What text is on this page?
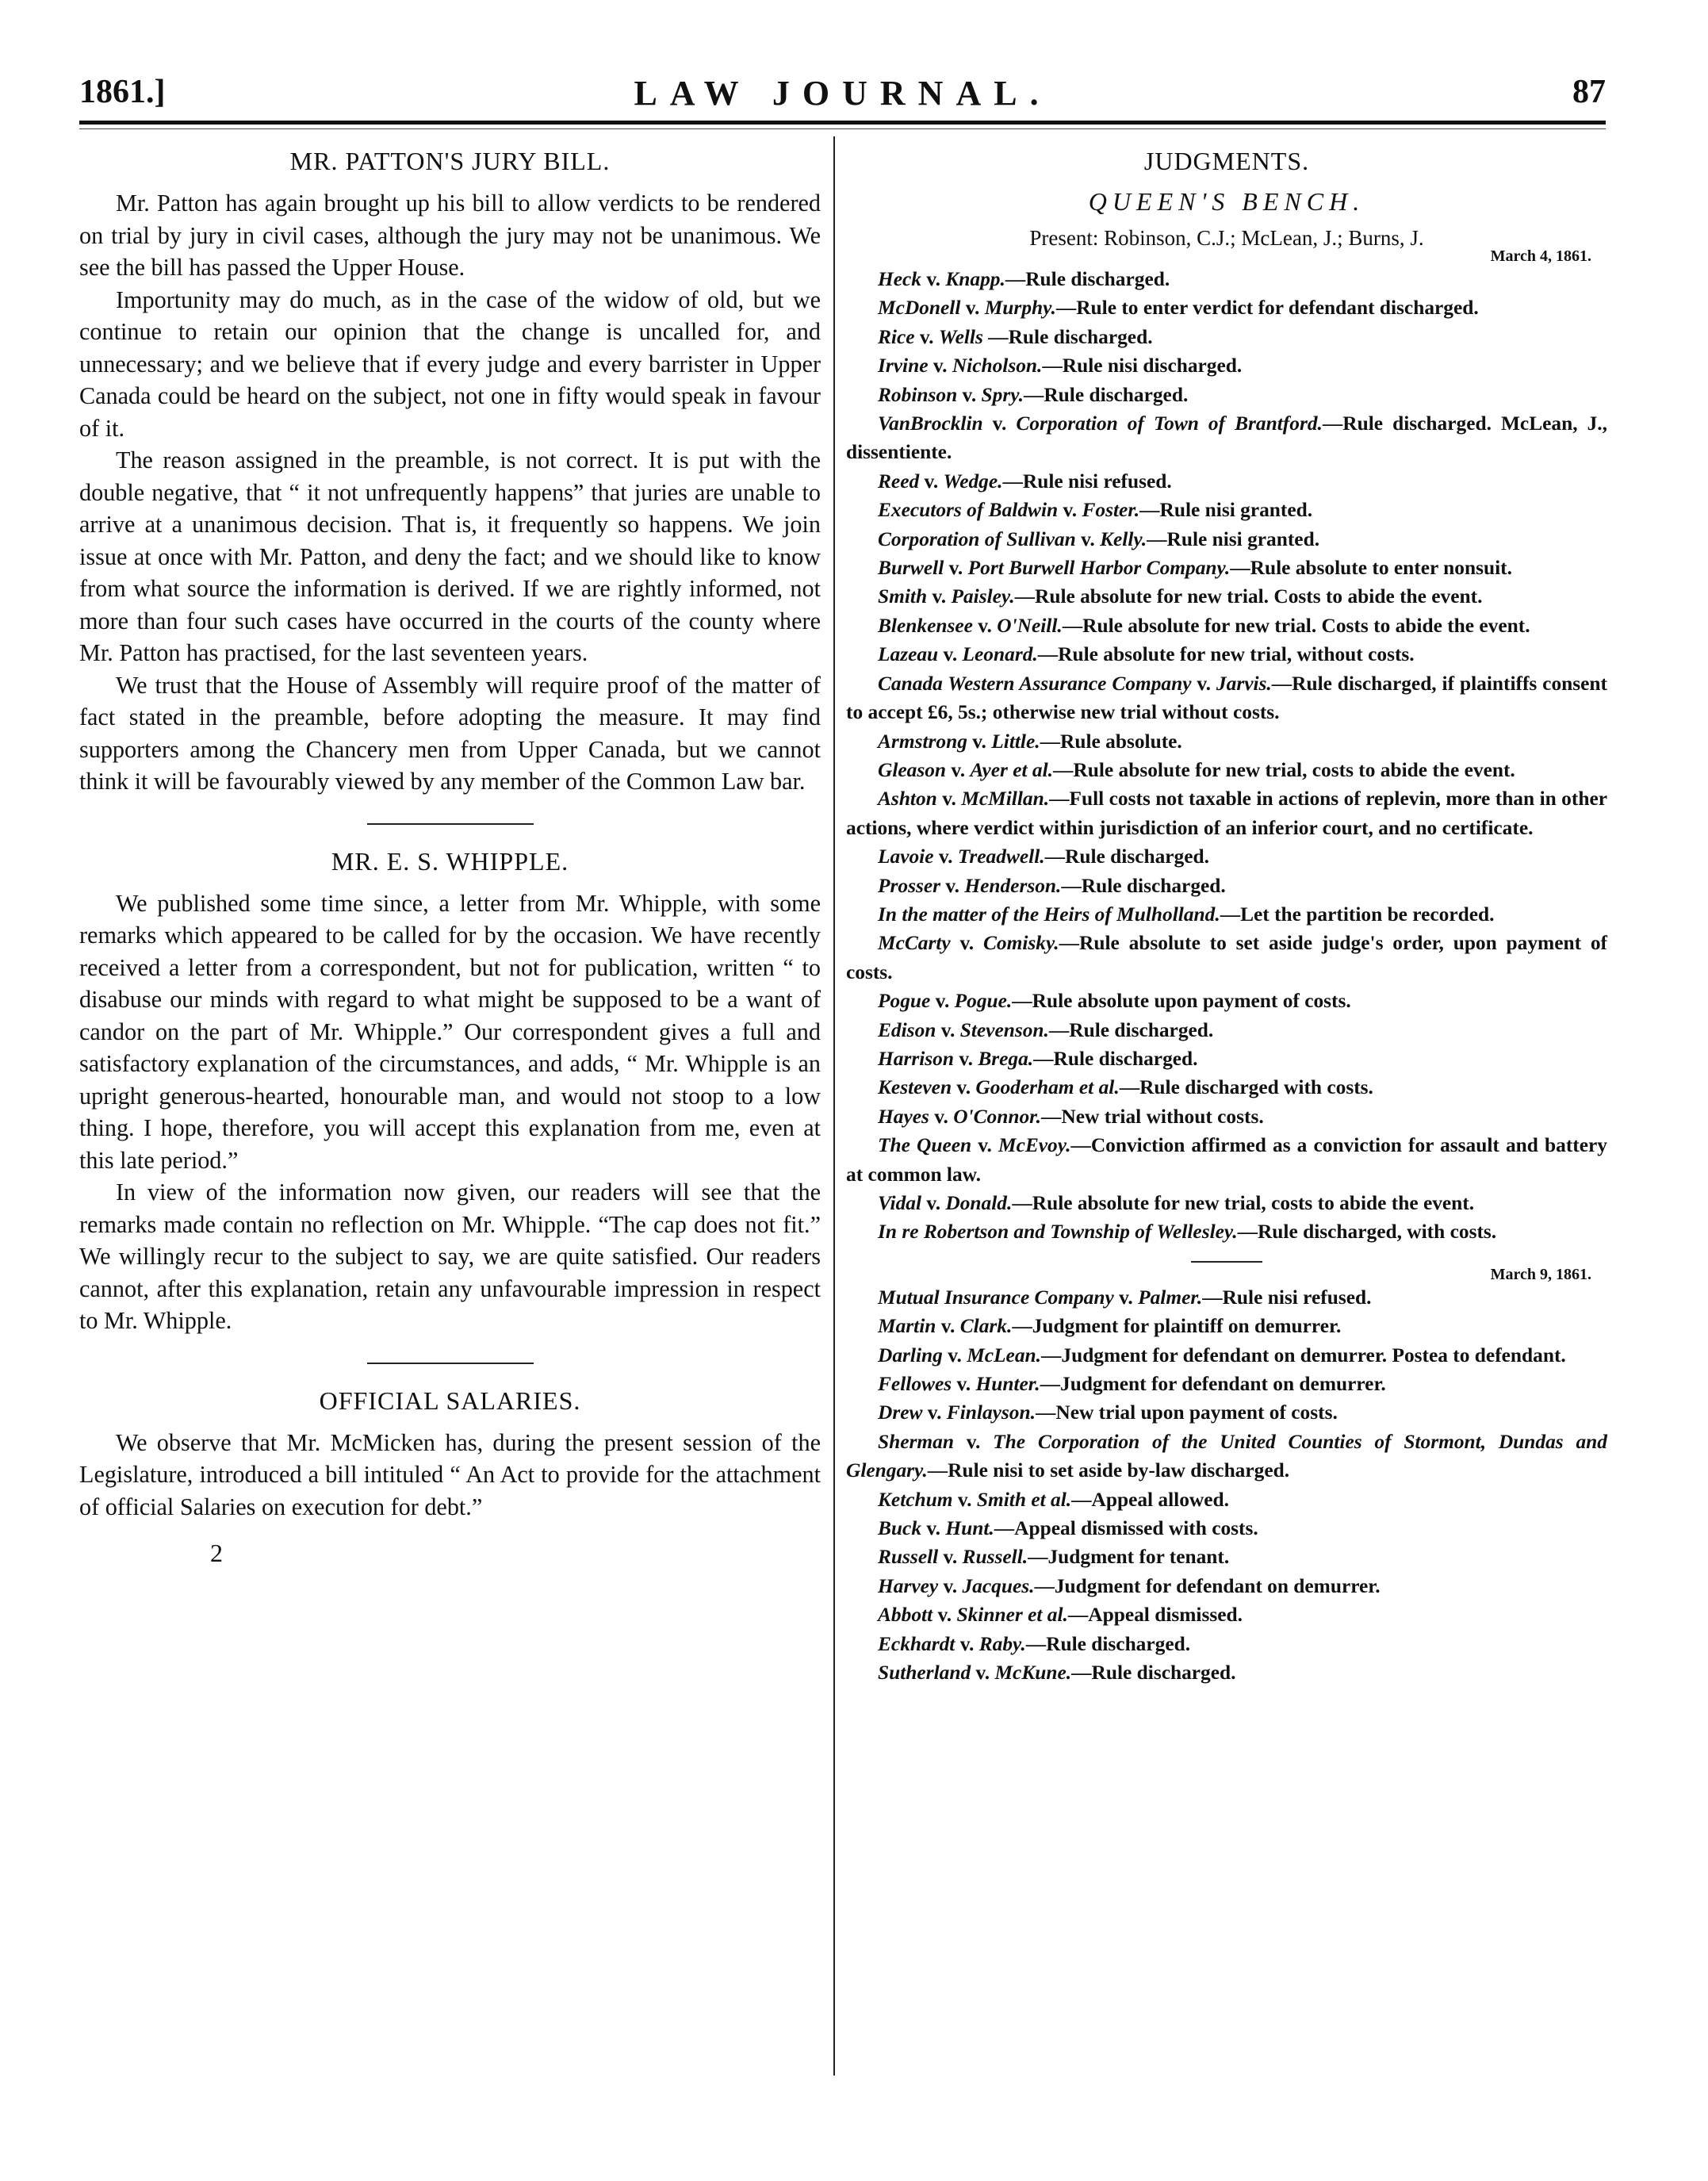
1861.]	LAW JOURNAL.	87
MR. PATTON'S JURY BILL.

Mr. Patton has again brought up his bill to allow verdicts to be rendered on trial by jury in civil cases, although the jury may not be unanimous. We see the bill has passed the Upper House.

Importunity may do much, as in the case of the widow of old, but we continue to retain our opinion that the change is uncalled for, and unnecessary; and we believe that if every judge and every barrister in Upper Canada could be heard on the subject, not one in fifty would speak in favour of it.

The reason assigned in the preamble, is not correct. It is put with the double negative, that “ it not unfrequently happens” that juries are unable to arrive at a unanimous decision. That is, it frequently so happens. We join issue at once with Mr. Patton, and deny the fact; and we should like to know from what source the information is derived. If we are rightly informed, not more than four such cases have occurred in the courts of the county where Mr. Patton has practised, for the last seventeen years.

We trust that the House of Assembly will require proof of the matter of fact stated in the preamble, before adopting the measure. It may find supporters among the Chancery men from Upper Canada, but we cannot think it will be favourably viewed by any member of the Common Law bar.

MR. E. S. WHIPPLE.

We published some time since, a letter from Mr. Whipple, with some remarks which appeared to be called for by the occasion. We have recently received a letter from a correspondent, but not for publication, written “ to disabuse our minds with regard to what might be supposed to be a want of candor on the part of Mr. Whipple.” Our correspondent gives a full and satisfactory explanation of the circumstances, and adds, “ Mr. Whipple is an upright generous-hearted, honourable man, and would not stoop to a low thing. I hope, therefore, you will accept this explanation from me, even at this late period.”

In view of the information now given, our readers will see that the remarks made contain no reflection on Mr. Whipple. “The cap does not fit.” We willingly recur to the subject to say, we are quite satisfied. Our readers cannot, after this explanation, retain any unfavourable impression in respect to Mr. Whipple.

OFFICIAL SALARIES.

We observe that Mr. McMicken has, during the present session of the Legislature, introduced a bill intituled “ An Act to provide for the attachment of official Salaries on execution for debt.”

2
JUDGMENTS.
QUEEN'S BENCH.

Present: Robinson, C.J.; McLean, J.; Burns, J.

March 4, 1861.

Heck v. Knapp.—Rule discharged.

McDonell v. Murphy.—Rule to enter verdict for defendant discharged.

Rice v. Wells —Rule discharged.

Irvine v. Nicholson.—Rule nisi discharged.

Robinson v. Spry.—Rule discharged.

VanBrocklin v. Corporation of Town of Brantford.—Rule discharged. McLean, J., dissentiente.

Reed v. Wedge.—Rule nisi refused.

Executors of Baldwin v. Foster.—Rule nisi granted.

Corporation of Sullivan v. Kelly.—Rule nisi granted.

Burwell v. Port Burwell Harbor Company.—Rule absolute to enter nonsuit.

Smith v. Paisley.—Rule absolute for new trial. Costs to abide the event.

Blenkensee v. O'Neill.—Rule absolute for new trial. Costs to abide the event.

Lazeau v. Leonard.—Rule absolute for new trial, without costs.

Canada Western Assurance Company v. Jarvis.—Rule discharged, if plaintiffs consent to accept £6, 5s.; otherwise new trial without costs.

Armstrong v. Little.—Rule absolute.

Gleason v. Ayer et al.—Rule absolute for new trial, costs to abide the event.

Ashton v. McMillan.—Full costs not taxable in actions of replevin, more than in other actions, where verdict within jurisdiction of an inferior court, and no certificate.

Lavoie v. Treadwell.—Rule discharged.

Prosser v. Henderson.—Rule discharged.

In the matter of the Heirs of Mulholland.—Let the partition be recorded.

McCarty v. Comisky.—Rule absolute to set aside judge's order, upon payment of costs.

Pogue v. Pogue.—Rule absolute upon payment of costs.

Edison v. Stevenson.—Rule discharged.

Harrison v. Brega.—Rule discharged.

Kesteven v. Gooderham et al.—Rule discharged with costs.

Hayes v. O'Connor.—New trial without costs.

The Queen v. McEvoy.—Conviction affirmed as a conviction for assault and battery at common law.

Vidal v. Donald.—Rule absolute for new trial, costs to abide the event.

In re Robertson and Township of Wellesley.—Rule discharged, with costs.

March 9, 1861.

Mutual Insurance Company v. Palmer.—Rule nisi refused.

Martin v. Clark.—Judgment for plaintiff on demurrer.

Darling v. McLean.—Judgment for defendant on demurrer. Postea to defendant.

Fellowes v. Hunter.—Judgment for defendant on demurrer.

Drew v. Finlayson.—New trial upon payment of costs.

Sherman v. The Corporation of the United Counties of Stormont, Dundas and Glengary.—Rule nisi to set aside by-law discharged.

Ketchum v. Smith et al.—Appeal allowed.

Buck v. Hunt.—Appeal dismissed with costs.

Russell v. Russell.—Judgment for tenant.

Harvey v. Jacques.—Judgment for defendant on demurrer.

Abbott v. Skinner et al.—Appeal dismissed.

Eckhardt v. Raby.—Rule discharged.

Sutherland v. McKune.—Rule discharged.
